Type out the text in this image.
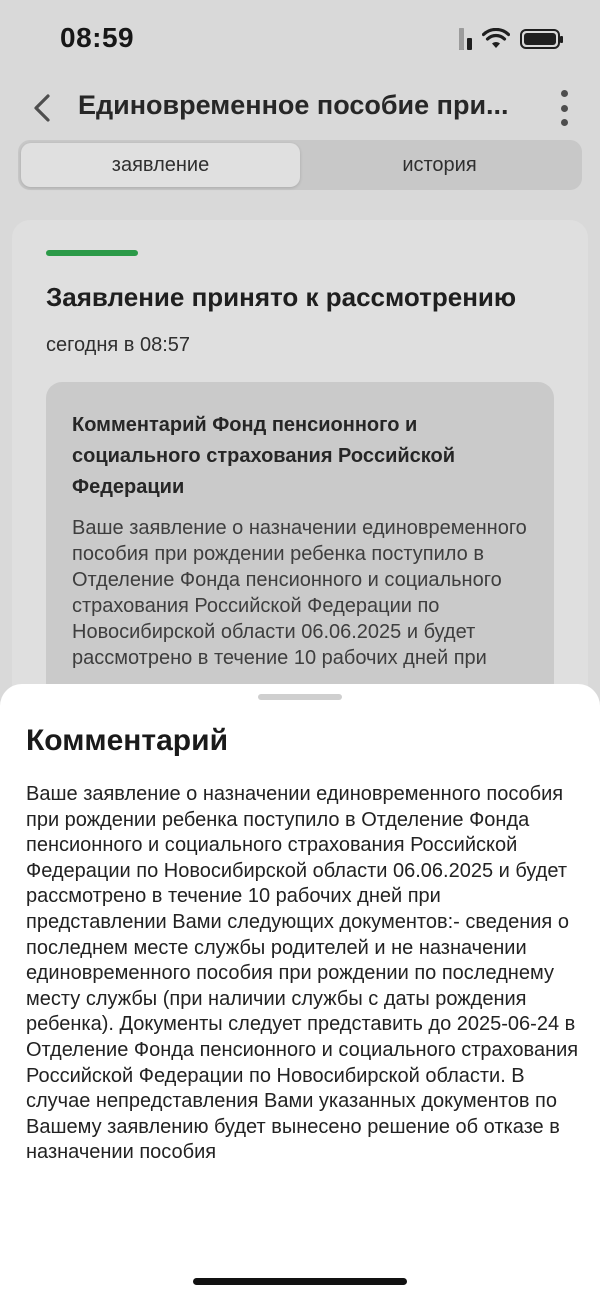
08:59
Единовременное пособие при...
заявление	история
Заявление принято к рассмотрению
сегодня в 08:57
Комментарий Фонд пенсионного и социального страхования Российской Федерации
Ваше заявление о назначении единовременного пособия при рождении ребенка поступило в Отделение Фонда пенсионного и социального страхования Российской Федерации по Новосибирской области 06.06.2025 и будет рассмотрено в течение 10 рабочих дней при
Комментарий
Ваше заявление о назначении единовременного пособия при рождении ребенка поступило в Отделение Фонда пенсионного и социального страхования Российской Федерации по Новосибирской области 06.06.2025 и будет рассмотрено в течение 10 рабочих дней при представлении Вами следующих документов:- сведения о последнем месте службы родителей и не назначении единовременного пособия при рождении по последнему месту службы (при наличии службы с даты рождения ребенка). Документы следует представить до 2025-06-24 в Отделение Фонда пенсионного и социального страхования Российской Федерации по Новосибирской области. В случае непредставления Вами указанных документов по Вашему заявлению будет вынесено решение об отказе в назначении пособия
